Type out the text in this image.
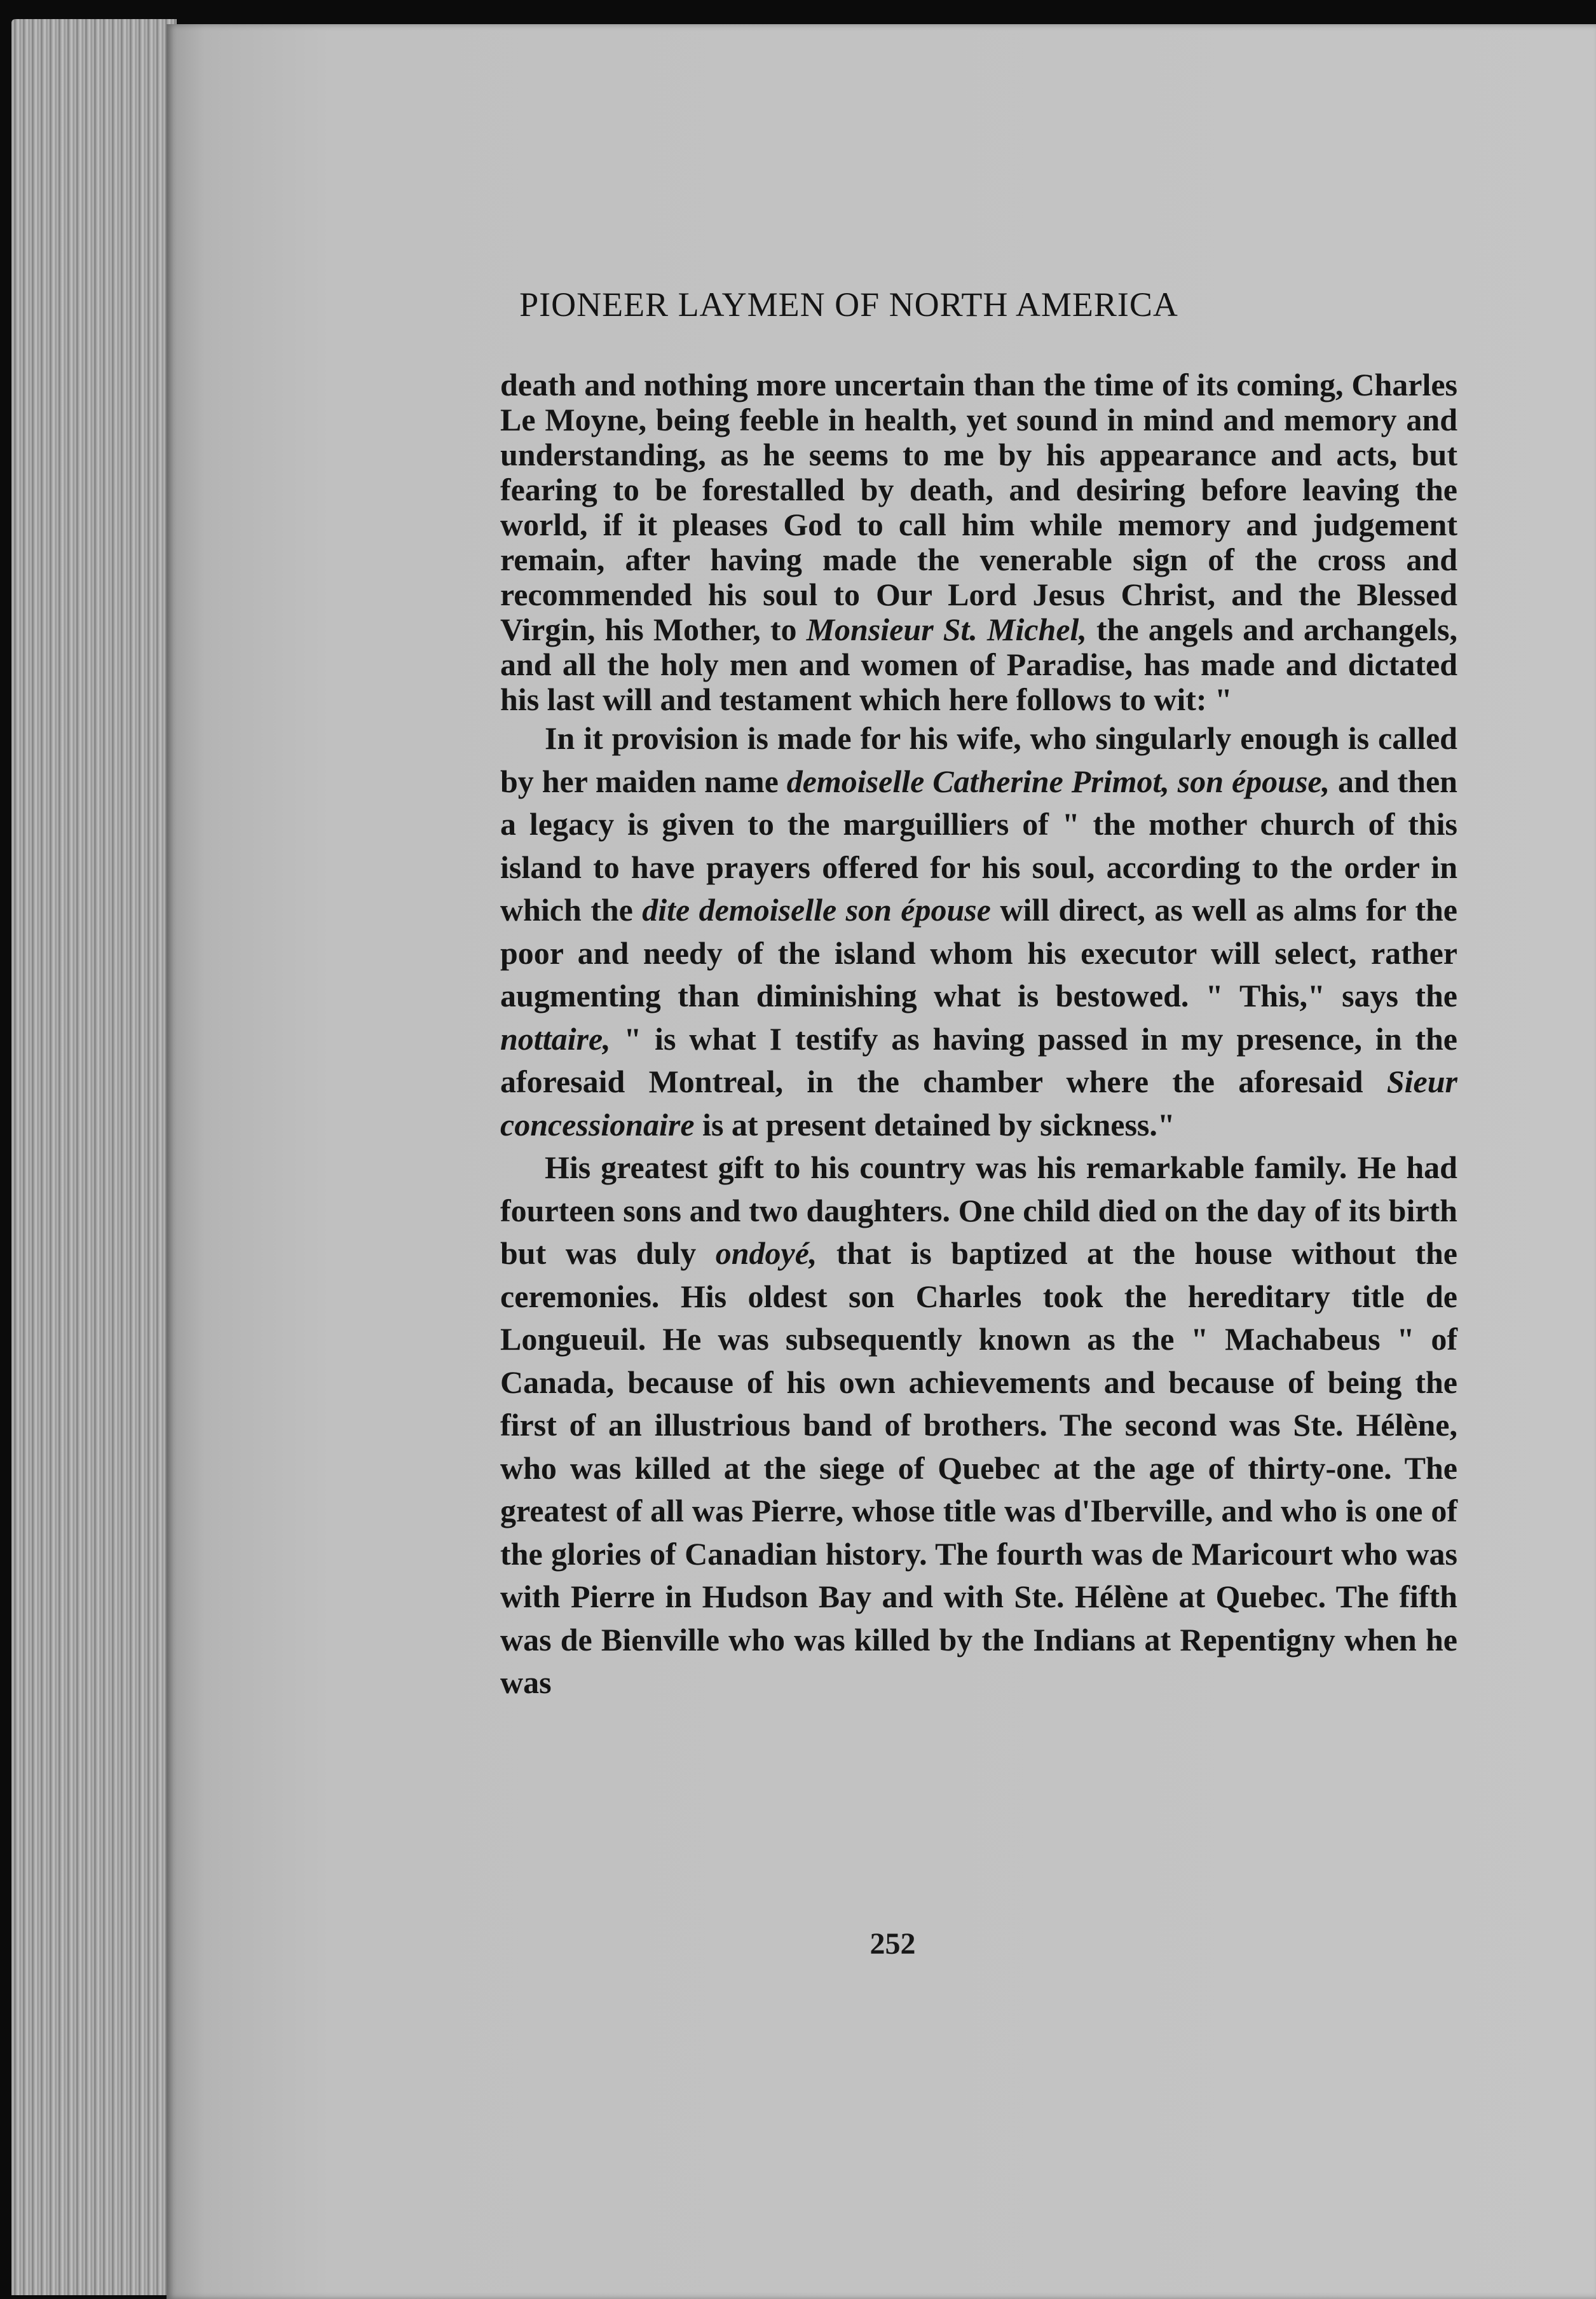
PIONEER LAYMEN OF NORTH AMERICA

death and nothing more uncertain than the time of its coming, Charles Le Moyne, being feeble in health, yet sound in mind and memory and understanding, as he seems to me by his appearance and acts, but fearing to be forestalled by death, and desiring before leaving the world, if it pleases God to call him while memory and judgement remain, after having made the venerable sign of the cross and recommended his soul to Our Lord Jesus Christ, and the Blessed Virgin, his Mother, to Monsieur St. Michel, the angels and archangels, and all the holy men and women of Paradise, has made and dictated his last will and testament which here follows to wit: "

In it provision is made for his wife, who singularly enough is called by her maiden name demoiselle Catherine Primot, son épouse, and then a legacy is given to the marguilliers of " the mother church of this island to have prayers offered for his soul, according to the order in which the dite demoiselle son épouse will direct, as well as alms for the poor and needy of the island whom his executor will select, rather augmenting than diminishing what is bestowed. " This," says the nottaire, " is what I testify as having passed in my presence, in the aforesaid Montreal, in the chamber where the aforesaid Sieur concessionaire is at present detained by sickness."

His greatest gift to his country was his remarkable family. He had fourteen sons and two daughters. One child died on the day of its birth but was duly ondoyé, that is baptized at the house without the ceremonies. His oldest son Charles took the hereditary title de Longueuil. He was subsequently known as the " Machabeus " of Canada, because of his own achievements and because of being the first of an illustrious band of brothers. The second was Ste. Hélène, who was killed at the siege of Quebec at the age of thirty-one. The greatest of all was Pierre, whose title was d'Iberville, and who is one of the glories of Canadian history. The fourth was de Maricourt who was with Pierre in Hudson Bay and with Ste. Hélène at Quebec. The fifth was de Bienville who was killed by the Indians at Repentigny when he was

252
